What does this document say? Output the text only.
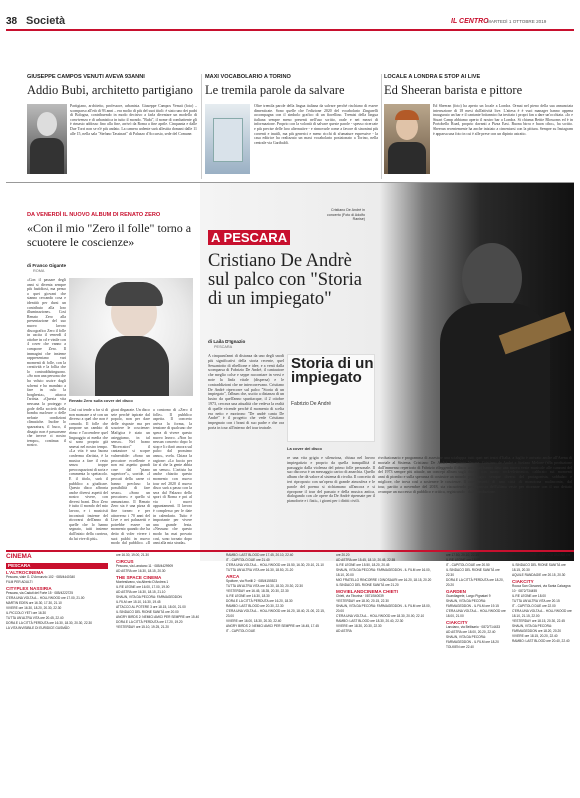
38 Società	IL CENTRO
MARTEDÌ 1 OTTOBRE 2019
GIUSEPPE CAMPOS VENUTI AVEVA 93ANNI
Addio Bubi, architetto partigiano
Partigiano, architetto, professore, urbanista. Giuseppe Campos Venuti (foto) – scomparso all'età di 93 anni – era molto di più del suoi titoli: è stato uno dei padri di Bologna, contribuendo in modo decisivo a farla diventare un modello di convivenza e di urbanistica in tutto il mondo. "Bubi", il nome di combattente gli è rimasto addosso fino alla fine, arrivò da Roma a fine aprile. Cinquanta e dalle Due Torri non se n'è più andato. La camera ardente sarà allestita domani dalle 11 alle 15, nella sala "Stefano Tassinari" di Palazzo d'Accursio, sede del Comune.
MAXI VOCABOLARIO A TORINO
Le tremila parole da salvare
Oltre tremila parole della lingua italiana da salvare perché rischiano di essere dimenticate. Sono quelle che l'edizione 2020 del vocabolario Zingarelli accompagna con il simbolo grafico di un fiorellino. Tremisi della lingua italiana sempre meno presenti nell'uso scritto, orale e nei mezzi di informazione. Proprio con la volontà di salvare queste parole - spesso ricercate e più precise delle loro alternative - e rinnovarle come a favore di sinonimi più correnti e inutili, ma più generici e meno ricchi di sfumature espressive - la casa editrice ha realizzato un maxi vocabolario posizionato a Torino, nella centrale via Garibaldi.
LOCALE A LONDRA E STOP AI LIVE
Ed Sheeran barista e pittore
Ed Sheeran (foto) ha aperto un locale a Londra. Ormai nel pieno della sua annunciata interruzione di 18 mesi dall'attività live. L'attesa è è vuoi manager hanno appena inaugurato un bar e il cantante britannico ha invitato i propri fan a dare un'occhiata. «Io e Stuart Camp abbiamo aperto il nostro bar a Londra. Si chiama Bettie Blossoms ed è in Portobello Road, proprio davanti a Pizza East. Buona birra e buon cibo», ha scritto. Sheeran recentemente ha anche iniziato a cimentarsi con la pittura. Sempre su Instagram è apparsa una foto in cui è alle prese con un dipinto astratto.
DA VENERDÌ IL NUOVO ALBUM DI RENATO ZERO
«Con il mio "Zero il folle" torno a scuotere le coscienze»
di Franco Gigante
ROMA
«Con il passare degli anni si diventa sempre più fastidiosi, ma penso a quei giovani che stanno cercando cosa e identità per darsi un contributo alla loro illuminazione». Così Renato Zero alla presentazione del suo nuovo lavoro discografico Zero il folle in uscita il venerdì 4 ottobre in cd e vinile con 4 cover che vanno a comporre Zero. Il immagini che insieme rappresentano vari momenti di folle, con la creatività e la follia che lo contraddistinguono. «So non una persona che ha voluto uscire dagli schemi e ho mandato a fare in culo la borghesia», attacca l'artista. «Questa vita nessuna la proteggo e gode della società della bomba nucleare o delle nefaste condizioni climatiche. Inoltre lo spazzatura, il buco, il disagio non è passarsene che invece ci nostro tempo», continua il nostro.
Così cui tende a far sì di non mancare a sé con un diverso a quel che non è comodo. Il folle che propone un cambio di ritmo e l'accendere quel linguaggio ai media che si sono proprio già smessi nel nostro tempo. «La vita è una buona conferma d'artista, è la musica a fare il resto senza troppe preoccupazioni di sorta e commenta lo spettacolo. E il titolo, sarà il pubblico a giudicare. Questo disco affronta anche diversi aspetti del nostro vivere, con diversi brani. Dico Zero è tutto il mondo del mio lavoro, e i musicisti incontrati insieme del ritrovarsi dell'anno di quelle che lo hanno segnato, tutti insieme dall'inizio della carriera, da lui vive di più».
gioni disparate. Un disco sete perché ispirate dal popolo, non per dare delle risposte ma per scuotere le coscienze: Mafigica è stato un asteggiamo, in tal senso». Nel brano "Ricercatori" il cantautore si scopre vulnerabile: «Sono un peccatore eccellente e non mi aspetto grandi cose dal "piano superiore"», sorride. «I peccati della carne ci hanno precluso la possibilità di fare sesso». «Sono un peccatore» e quello si annunciano. Il Renato Zero sta è una pizza di fine torneo e per attraverso i 70 anni del Live e nei palazzetti e potrebbe essere un momento quando che ha detto di voler vivere i suoi palchi in nuovo modo dal pubblico. «Il
a contorno di «Zero il folle». Il pubblico aspetta. Il concerto arriva la forma, la tensione di qualcuno che spera di vivere questo nuovo lavoro. «Non ho nessun concerto dopo lo stop e li rifarò ancora sul palco dal prossimo anno», svela. Chiara la ragione: «Lo faccio per far sì che la gente abbia un senso». L'artista ha anche chiarito questo momento con nuovo tour nel 2020 il nuovo disco sarà a passo con la sera dal Palazzo dello sport di Roma e poi al via i nuovi appuntamenti. Il lavoro è complesso per le date in calendario. Tutto è importante per vivere una grande festa. «Nessuno che questo modo ha mai provato così, sono tornato dopo anni alla mia strada».
Renato Zero sulla cover del disco
Cristiano De Andrè in concerto (Foto di Adolfo Ranise)
A PESCARA
Cristiano De Andrè sul palco con "Storia di un impiegato"
di Laila D'Ignazio
PESCARA
A cinquant'anni di distanza da uno degli snodi più significativi della storia recente, quel Sessantotto di ribellione e idee, e a venti dalla scomparsa di Fabrizio De Andrè, il cantautore che meglio colse e seppe raccontare in versi e note la linfa vitale (dispersa) e le contraddizioni che ne intercorrevano. Cristiano De Andrè ripercorre sul palco "Storia di un impiegato", l'album che, uscito a distanza di un lustro da quell'anno spartiacque, il 2 ottobre 1973, cercava una attualità che vedeva la realtà di quelle vicende perché il momento di scelta era netto e morirono "De andrè canta De Andrè" è il progetto che vede Cristiano impegnato con i brani di suo padre e che ora porta in tour all'interno del tour teatrale.
Storia di un impiegato
Fabrizio De André
La cover del disco
re una vita grigia e silenziosa, chiusa nel lavoro impiegatizio e proprio da quella tranquillità il passaggio dalla violenza del primo folle personale. Il suo discorso è un messaggio carico di anarchia. Quello album che dà valore al sistema di rivolta. Il concetto di ieri riproposto con un'opera di grande atmosfera e le parole del poema si richiamano all'ancora e si ripropone il tour del passato e della musica antica, dialogando con «le opere da De Andrè ripensate per il pianoforte e i fiati», i giorni per i diritti civili.
rivoluzionario e programma di assestare una scialuppa mortale al Sistema. Cristiano De Andrè ha attinto dall'immenso repertorio di Fabrizio rileggendo il disco del 1973 sempre più attuale, un concept album sugli anni di piombo e sulla speranza di costruire un mondo migliore, che trova così a sostenere le coscienze. Il tour, partito a novembre del 2018, sta riscuotendo ovunque un successo di pubblico e critica, registrando
tutti quei nei teatri d'Italia, a luglio è arrivato anche all'Arena di Verona. Cristiano de Andrè e Stefano Melone (alla produzione artistica) hanno dato una nuova veste musicale alle canzoni del disco, con suono rock-elettronico, calibrato sui momenti psicologici sempre diversi del protagonista, sobbalzo e cambiamenti di una città di monotona malinconia, dal protagonista dell'ultima veste per ritornare con il suo dettato dall'introduzione.
CINEMA
PESCARA
L'ALTROCINEMA
Pescara, viale G. D'Annunzio 102 · 085/4440340
FILM PER ADULTI
CITYPLEX NASSIRIA
Pescara, via Caduti del Forte 15 · 085/4222725
C'ERA UNA VOLTA A... HOLLYWOOD ore 17.00, 21.00
MARTIN EDEN ore 16.30, 17.30, 21.10
VIVERE ore 16.30, 18.20, 20.30, 22.30
IL PICCOLO YETI ore 16.30
TUTTA UN'ALTRA VITA ore 20.45, 22.40
DORA E LA CITTÀ PERDUTA ore 16.30, 18.30, 20.30, 22.30
LA VITA INVISIBILE DI EURIDICE GUSMÃO
ore 16.30, 19.00, 21.30
CIRCUS
Pescara, via Lanciano 11 · 085/4429909
AD ASTRA ore 16.30, 18.15, 20.30
THE SPACE CINEMA
Montesilvano, via Alberto D'Andrea 1
IL RE LEONE ore 16.00, 17.00, 19.00
AD ASTRA ore 16.30, 18.15, 21.10
SHAUN, VITA DA PECORA: FARMAGEDDON
IL FILM ore 15.10, 16.30, 19.45
ATTACCO AL POTERE 3 ore 18.15, 18.00, 21.00
IL SINDACO DEL RIONE SANITÀ ore 20.00
ANGRY BIRDS 2: NEMICI AMICI PER SEMPRE ore 15.40
DORA E LA CITTÀ PERDUTA ore 17.20, 19.20
YESTERDAY ore 15.10, 19.25, 21.20
RAMBO: LAST BLOOD ore 17.45, 20.10, 22.40
IT - CAPITOLO DUE ore 21.40
C'ERA UNA VOLTA A... HOLLYWOOD ore 15.50, 16.30, 20.10, 21.10
TUTTA UN'ALTRA VITA ore 16.30, 18.50, 21.20
ARCA
Spoltore, via Fiorilli 2 · 085/4155523
TUTTA UN'ALTRA VITA ore 16.30, 18.30, 20.30, 22.30
YESTERDAY ore 16.45, 18.35, 20.30, 22.30
IL RE LEONE ore 16.30, 18.30
DORA E LA CITTÀ PERDUTA ore 16.20, 18.30
RAMBO: LAST BLOOD ore 20.30, 22.30
C'ERA UNA VOLTA A... HOLLYWOOD ore 16.20, 18.40, 21.00, 22.15, 23.00
VIVERE ore 16.00, 18.30, 20.30, 22.40
ANGRY BIRDS 2: NEMICI AMICI PER SEMPRE ore 16.45, 17.45
IT - CAPITOLO DUE
ore 20.20
AD ASTRA ore 15.45, 18.10, 20.45, 22.55
IL RE LEONE ore 15.50, 18.20, 20.45
SHAUN, VITA DA PECORA: FARMAGEDDON - IL FILM ore 16.00, 18.10, 20.00
MIO FRATELLO RINCORRE I DINOSAURI ore 16.20, 18.15, 20.20
IL SINDACO DEL RIONE SANITÀ ore 21.20
MOVIELANDCINEMA CHIETI
Chieti, via Tiburina · 0871/540039
YESTERDAY ore 18.00, 20.15, 22.30
SHAUN, VITA DA PECORA: FARMAGEDDON - IL FILM ore 18.00, 20.00
C'ERA UNA VOLTA A... HOLLYWOOD ore 18.30, 20.00, 22.10
RAMBO: LAST BLOOD ore 18.30, 20.40, 22.30
VIVERE ore 18.30, 20.30, 22.30
AD ASTRA
ore 17.50, 20.10, 22.30
IL RE LEONE ore 18.00
IT - CAPITOLO DUE ore 20.50
IL SINDACO DEL RIONE SANITÀ ore 22.30
DORA E LA CITTÀ PERDUTA ore 18.20, 20.20
GARDEN
Guardiagrele, Largo Pignatari 9
SHAUN, VITA DA PECORA: FARMAGEDDON - IL FILM ore 19.15
C'ERA UNA VOLTA A... HOLLYWOOD ore 18.00, 21.00
CIAKCITY
Lanciano, via Bellisario · 0872/714433
AD ASTRA ore 18.00, 20.20, 22.40
SHAUN, VITA DA PECORA: FARMAGEDDON - IL FILM ore 18.20
TOLKIEN ore 22.40
ANTROPOCENE - L'EPOCA UMANA ore 22.10
IL SINDACO DEL RIONE SANITÀ ore 18.15, 20.30
AQUILE RANDAGIE ore 20.15, 20.30
CIAKCITY
Rocca San Giovanni, via Santa Calcagna 10 · 0872/734455
IL RE LEONE ore 18.00
TUTTA UN'ALTRA VITA ore 20.15
IT - CAPITOLO DUE ore 22.00
C'ERA UNA VOLTA A... HOLLYWOOD ore 18.10, 21.15, 22.00
YESTERDAY ore 18.15, 20.30, 22.45
SHAUN, VITA DA PECORA: FARMAGEDDON ore 18.20, 20.20
VIVERE ore 18.15, 20.20, 22.40
RAMBO: LAST BLOOD ore 20.40, 22.40
